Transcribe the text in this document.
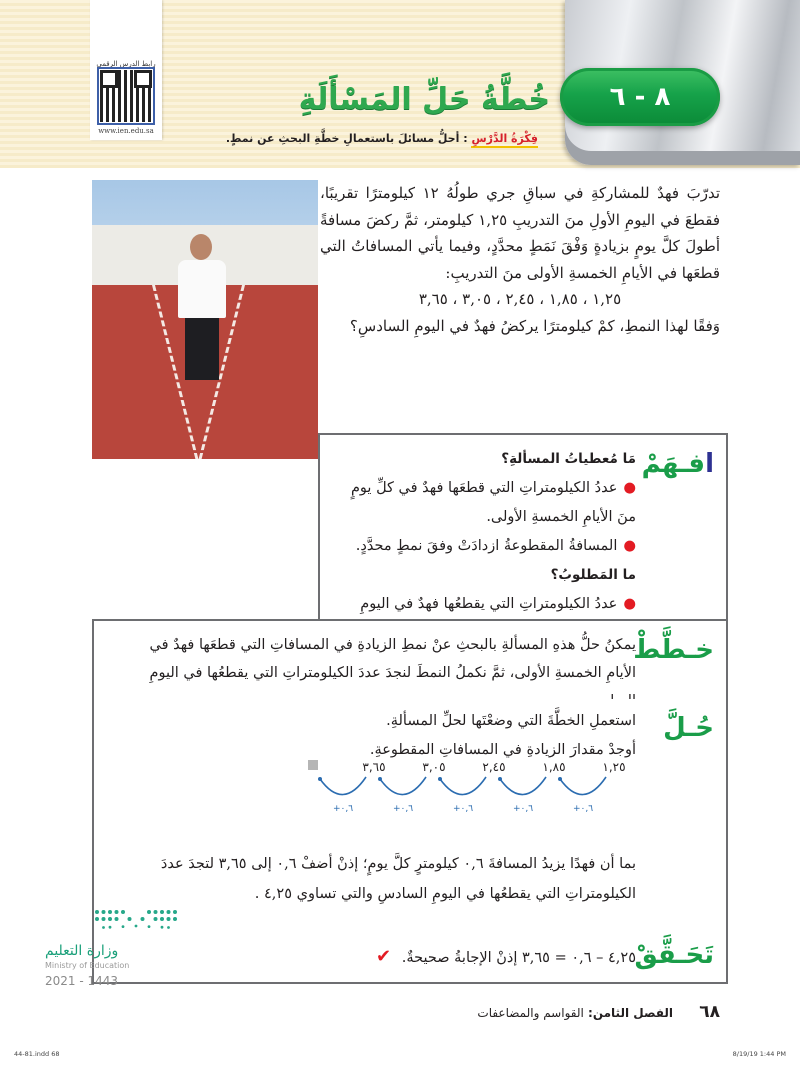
٨ - ٦
رابط الدرس الرقمي
www.ien.edu.sa
خُطَّةُ حَلِّ المَسْأَلَةِ
فِكْرَةُ الدَّرْسِ : أحلُّ مسائلَ باستعمالِ خطَّةِ البحثِ عن نمطٍ.
تدرّبَ فهدٌ للمشاركةِ في سباقِ جري طولُهُ ١٢ كيلومترًا تقريبًا، فقطعَ في اليومِ الأولِ منَ التدريبِ ١,٢٥ كيلومتر، ثمَّ ركضَ مسافةً أطولَ كلَّ يومٍ بزيادةٍ وَفْقَ نَمَطٍ محدَّدٍ، وفيما يأتي المسافاتُ التي قطعَها في الأيامِ الخمسةِ الأولى منَ التدريبِ:
١,٢٥ ، ١,٨٥ ، ٢,٤٥ ، ٣,٠٥ ، ٣,٦٥
وَفقًا لهذا النمطِ، كمْ كيلومترًا يركضُ فهدٌ في اليومِ السادسِ؟
افـهَمْ
مَا مُعطياتُ المسألةِ؟
●عددُ الكيلومتراتِ التي قطعَها فهدٌ في كلِّ يومٍ منَ الأيامِ الخمسةِ الأولى.
●المسافةُ المقطوعةُ ازدادَتْ وفقَ نمطٍ محدَّدٍ.
ما المَطلوبُ؟
●عددُ الكيلومتراتِ التي يقطعُها فهدٌ في اليومِ
خـطَّطْ
يمكنُ حلُّ هذهِ المسألةِ بالبحثِ عنْ نمطِ الزيادةِ في المسافاتِ التي قطعَها فهدٌ في الأيامِ الخمسةِ الأولى، ثمَّ نكملُ النمطَ لنجدَ عددَ الكيلومتراتِ التي يقطعُها في اليومِ
حُـلَّ
استعملِ الخطَّةَ التي وضعْتَها لحلِّ المسألةِ.
أوجدْ مقدارَ الزيادةِ في المسافاتِ المقطوعةِ.
١,٢٥
١,٨٥
٢,٤٥
٣,٠٥
٣,٦٥
+٠,٦
+٠,٦
+٠,٦
+٠,٦
+٠,٦
بما أن فهدًا يزيدُ المسافةَ ٠,٦ كيلومترٍ كلَّ يومٍ؛ إذنْ أضفْ ٠,٦ إلى ٣,٦٥ لتجدَ عددَ الكيلومتراتِ التي يقطعُها في اليومِ السادسِ والتي تساوي ٤,٢٥ .
تَحَـقَّقْ
٤,٢٥ – ٠,٦ = ٣,٦٥ إذنْ الإجابةُ صحيحةٌ. ✔
وزارة التعليم
Ministry of Education
2021 - 1443
٦٨ الفصل الثامن: القواسم والمضاعفات
44-81.indd 68	8/19/19 1:44 PM
